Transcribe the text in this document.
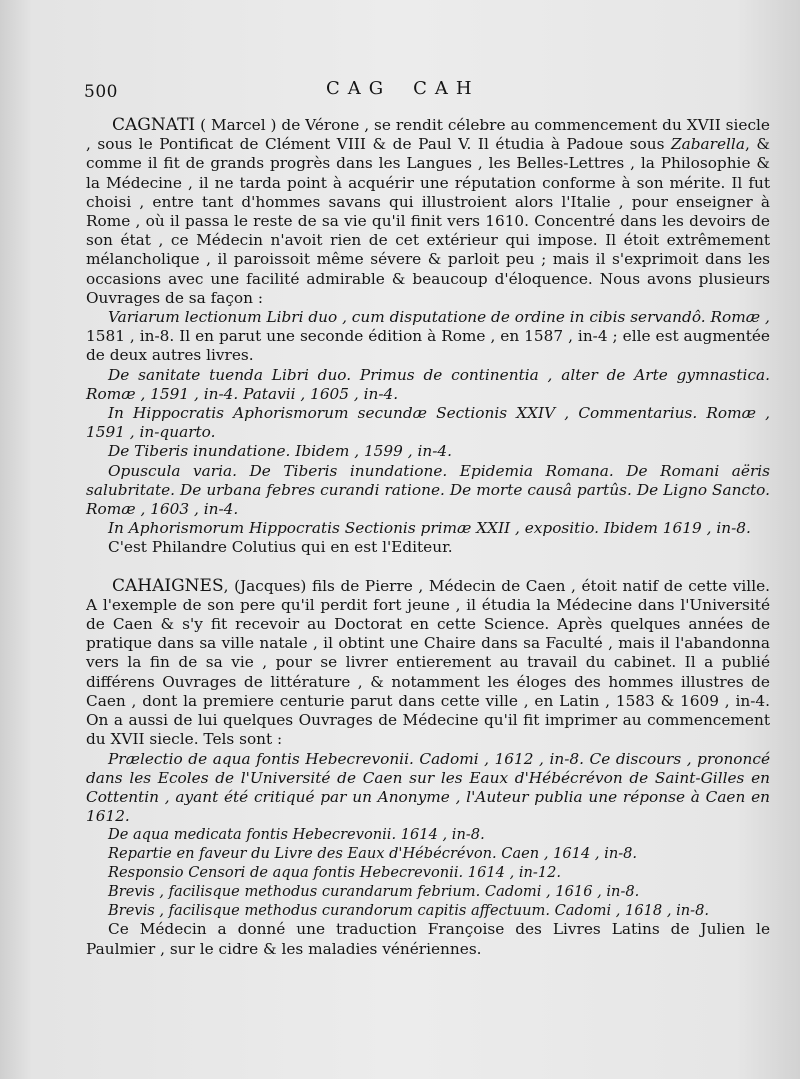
500	CAG CAH

CAGNATI ( Marcel ) de Vérone , se rendit célebre au commencement du XVII siecle , sous le Pontificat de Clément VIII & de Paul V. Il étudia à Padoue sous Zabarella, & comme il fit de grands progrès dans les Langues , les Belles-Lettres , la Philosophie & la Médecine , il ne tarda point à acquérir une réputation conforme à son mérite. Il fut choisi , entre tant d'hommes savans qui illustroient alors l'Italie , pour enseigner à Rome , où il passa le reste de sa vie qu'il finit vers 1610. Concentré dans les devoirs de son état , ce Médecin n'avoit rien de cet extérieur qui impose. Il étoit extrêmement mélancholique , il paroissoit même sévere & parloit peu ; mais il s'exprimoit dans les occasions avec une facilité admirable & beaucoup d'éloquence. Nous avons plusieurs Ouvrages de sa façon :

Variarum lectionum Libri duo , cum disputatione de ordine in cibis servandô. Romæ ,

1581 , in-8. Il en parut une seconde édition à Rome , en 1587 , in-4 ; elle est augmentée de deux autres livres.

De sanitate tuenda Libri duo. Primus de continentia , alter de Arte gymnastica. Romæ , 1591 , in-4. Patavii , 1605 , in-4.

In Hippocratis Aphorismorum secundæ Sectionis XXIV , Commentarius. Romæ , 1591 , in-quarto.

De Tiberis inundatione. Ibidem , 1599 , in-4.

Opuscula varia. De Tiberis inundatione. Epidemia Romana. De Romani aëris salubritate. De urbana febres curandi ratione. De morte causâ partûs. De Ligno Sancto. Romæ , 1603 , in-4.

In Aphorismorum Hippocratis Sectionis primæ XXII , expositio. Ibidem 1619 , in-8.

C'est Philandre Colutius qui en est l'Editeur.

CAHAIGNES, (Jacques) fils de Pierre , Médecin de Caen , étoit natif de cette ville. A l'exemple de son pere qu'il perdit fort jeune , il étudia la Médecine dans l'Université de Caen & s'y fit recevoir au Doctorat en cette Science. Après quelques années de pratique dans sa ville natale , il obtint une Chaire dans sa Faculté , mais il l'abandonna vers la fin de sa vie , pour se livrer entierement au travail du cabinet. Il a publié différens Ouvrages de littérature , & notamment les éloges des hommes illustres de Caen , dont la premiere centurie parut dans cette ville , en Latin , 1583 & 1609 , in-4. On a aussi de lui quelques Ouvrages de Médecine qu'il fit imprimer au commencement du XVII siecle. Tels sont :

Prælectio de aqua fontis Hebecrevonii. Cadomi , 1612 , in-8. Ce discours , prononcé dans les Ecoles de l'Université de Caen sur les Eaux d'Hébécrévon de Saint-Gilles en Cottentin , ayant été critiqué par un Anonyme , l'Auteur publia une réponse à Caen en 1612.

De aqua medicata fontis Hebecrevonii. 1614 , in-8.

Repartie en faveur du Livre des Eaux d'Hébécrévon. Caen , 1614 , in-8.

Responsio Censori de aqua fontis Hebecrevonii. 1614 , in-12.

Brevis , facilisque methodus curandarum febrium. Cadomi , 1616 , in-8.

Brevis , facilisque methodus curandorum capitis affectuum. Cadomi , 1618 , in-8.

Ce Médecin a donné une traduction Françoise des Livres Latins de Julien le Paulmier , sur le cidre & les maladies vénériennes.
